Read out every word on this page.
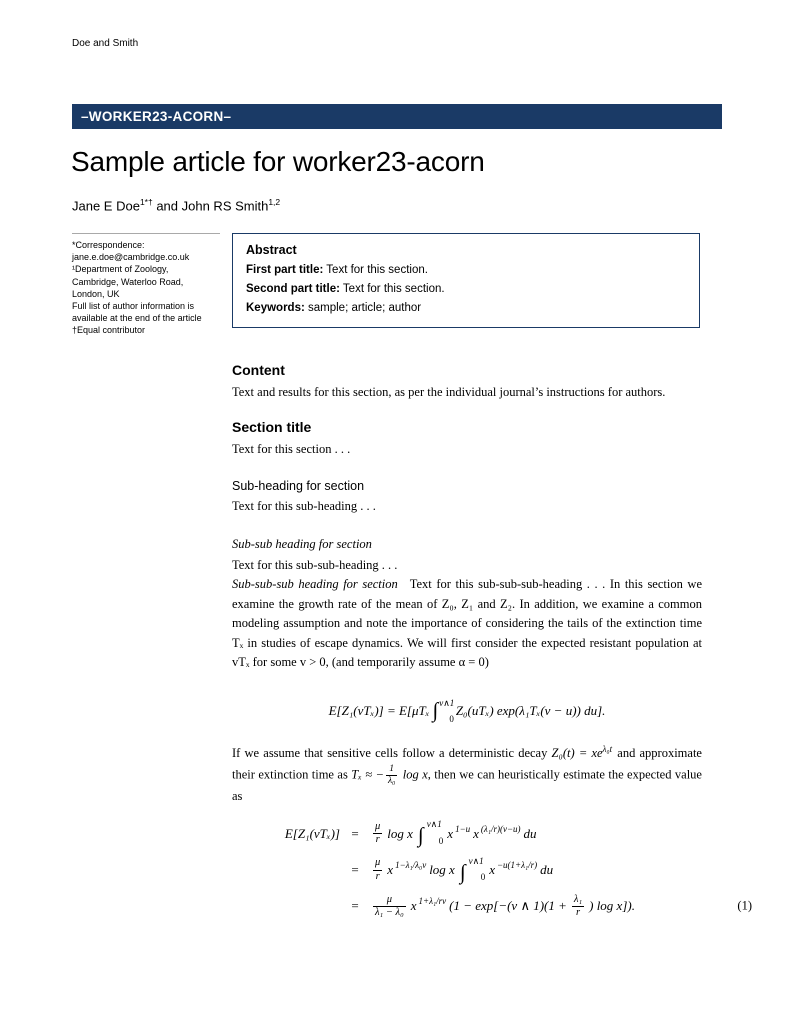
Doe and Smith
–WORKER23-ACORN–
Sample article for worker23-acorn
Jane E Doe$^{1*\dagger}$ and John RS Smith$^{1,2}$
*Correspondence:
jane.e.doe@cambridge.co.uk
¹Department of Zoology,
Cambridge, Waterloo Road,
London, UK
Full list of author information is
available at the end of the article
†Equal contributor
Abstract
First part title: Text for this section.
Second part title: Text for this section.
Keywords: sample; article; author
Content

Text and results for this section, as per the individual journal’s instructions for authors.

Section title

Text for this section . . .

Sub-heading for section

Text for this sub-heading . . .

Sub-sub heading for section

Text for this sub-sub-heading . . .

Sub-sub-sub heading for section Text for this sub-sub-sub-heading . . . In this section we examine the growth rate of the mean of Z₀, Z₁ and Z₂. In addition, we examine a common modeling assumption and note the importance of considering the tails of the extinction time Tₓ in studies of escape dynamics. We will first consider the expected resistant population at vTₓ for some v > 0, (and temporarily assume α = 0)

E[Z₁(vTₓ)] = E[μTₓ ∫$^{v\wedge 1}_0$Z₀(uTₓ) exp(λ₁Tₓ(v − u)) du].

If we assume that sensitive cells follow a deterministic decay $Z_0(t) = xe^{\lambda_0t}$ and approximate their extinction time as Tₓ ≈ − $\frac{1}{\text{λ₀}}$ log x, then we can heuristically estimate the expected value as

E[Z₁(vTₓ)] =	$\frac{\mu}{r}$ log x ∫ v∧1
0 x 1−u x (λ₁/r)(v−u) du
=	$\frac{\mu}{r}$ x 1−λ₁/λ₀v log x ∫ v∧1
0 x −u(1+λ₁/r) du
=	$\frac{\mu}{\text{λ₁ − λ₀}}$ x 1+λ₁/rv (1 − exp[−(v ∧ $1)(1 + \frac{\text{λ₁}}{r}$ ) log x]).	(1)
